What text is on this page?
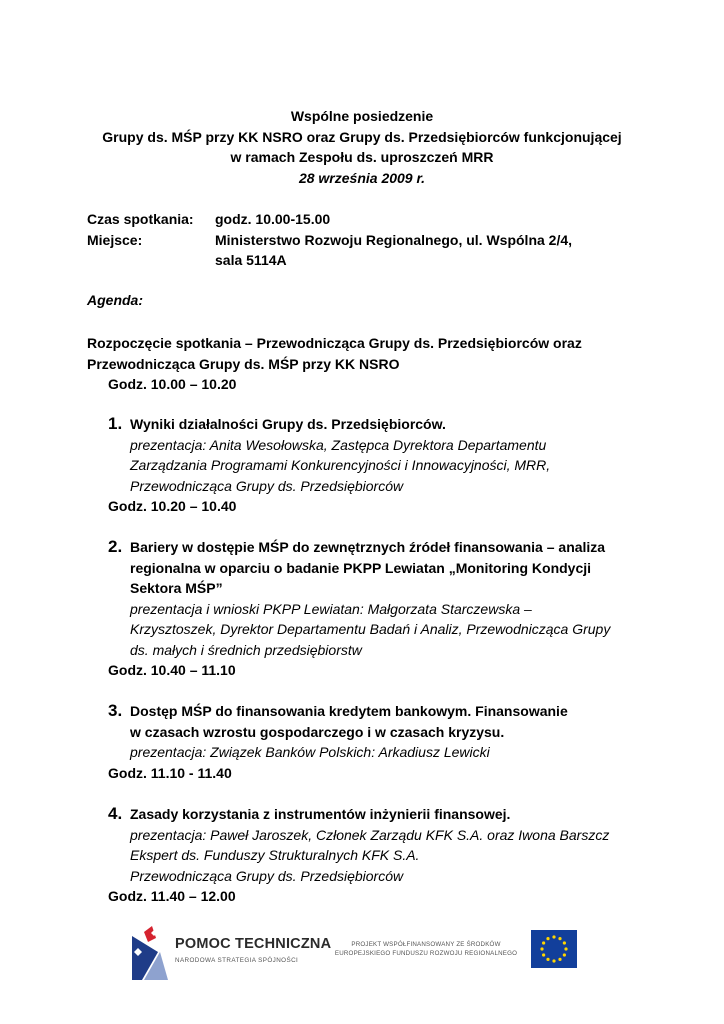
Wspólne posiedzenie
Grupy ds. MŚP przy KK NSRO oraz Grupy ds. Przedsiębiorców funkcjonującej
w ramach Zespołu ds. uproszczeń MRR
28 września 2009 r.
Czas spotkania:	godz. 10.00-15.00
Miejsce:	Ministerstwo Rozwoju Regionalnego, ul. Wspólna 2/4,
sala 5114A
Agenda:
Rozpoczęcie spotkania – Przewodnicząca Grupy ds. Przedsiębiorców oraz
Przewodnicząca Grupy ds. MŚP przy KK NSRO
Godz. 10.00 – 10.20
1. Wyniki działalności Grupy ds. Przedsiębiorców.
prezentacja: Anita Wesołowska, Zastępca Dyrektora Departamentu
Zarządzania Programami Konkurencyjności i Innowacyjności, MRR,
Przewodnicząca Grupy ds. Przedsiębiorców
Godz. 10.20 – 10.40
2. Bariery w dostępie MŚP do zewnętrznych źródeł finansowania – analiza
regionalna w oparciu o badanie PKPP Lewiatan „Monitoring Kondycji
Sektora MŚP”
prezentacja i wnioski PKPP Lewiatan: Małgorzata Starczewska –
Krzysztoszek, Dyrektor Departamentu Badań i Analiz, Przewodnicząca Grupy
ds. małych i średnich przedsiębiorstw
Godz. 10.40 – 11.10
3. Dostęp MŚP do finansowania kredytem bankowym. Finansowanie
w czasach wzrostu gospodarczego i w czasach kryzysu.
prezentacja: Związek Banków Polskich: Arkadiusz Lewicki
Godz. 11.10 - 11.40
4. Zasady korzystania z instrumentów inżynierii finansowej.
prezentacja: Paweł Jaroszek, Członek Zarządu KFK S.A. oraz Iwona Barszcz
Ekspert ds. Funduszy Strukturalnych KFK S.A.
Przewodnicząca Grupy ds. Przedsiębiorców
Godz. 11.40 – 12.00
POMOC TECHNICZNA
NARODOWA STRATEGIA SPÓJNOŚCI
PROJEKT WSPÓŁFINANSOWANY ZE ŚRODKÓW
EUROPEJSKIEGO FUNDUSZU ROZWOJU REGIONALNEGO
